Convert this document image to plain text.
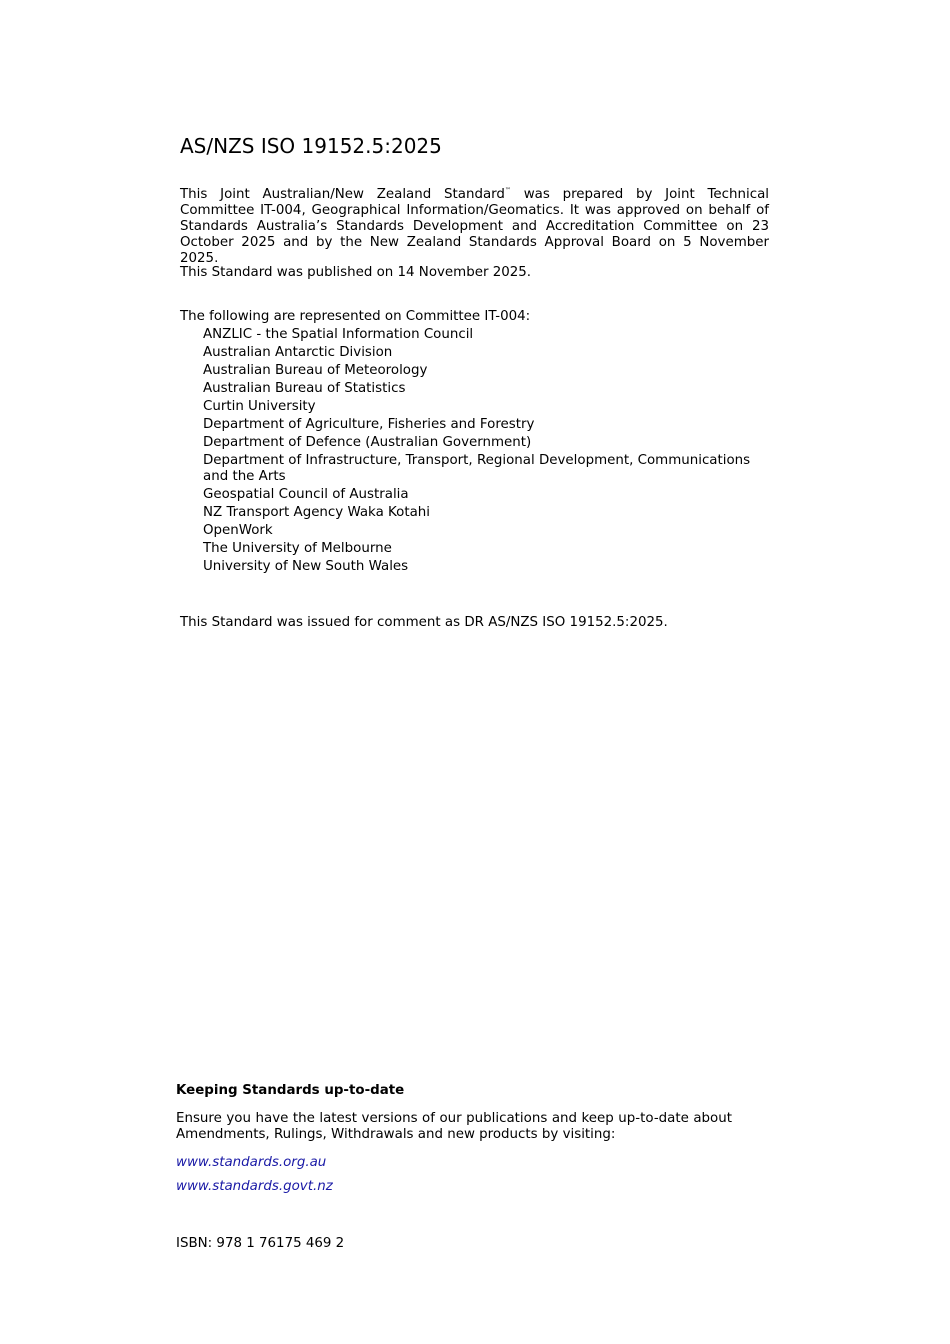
AS/NZS ISO 19152.5:2025

This Joint Australian/New Zealand Standard™ was prepared by Joint Technical Committee IT-004, Geographical Information/Geomatics. It was approved on behalf of Standards Australia’s Standards Development and Accreditation Committee on 23 October 2025 and by the New Zealand Standards Approval Board on 5 November 2025.

This Standard was published on 14 November 2025.

The following are represented on Committee IT-004:

ANZLIC - the Spatial Information Council
Australian Antarctic Division
Australian Bureau of Meteorology
Australian Bureau of Statistics
Curtin University
Department of Agriculture, Fisheries and Forestry
Department of Defence (Australian Government)
Department of Infrastructure, Transport, Regional Development, Communications and the Arts
Geospatial Council of Australia
NZ Transport Agency Waka Kotahi
OpenWork
The University of Melbourne
University of New South Wales

This Standard was issued for comment as DR AS/NZS ISO 19152.5:2025.

Keeping Standards up-to-date

Ensure you have the latest versions of our publications and keep up-to-date about Amendments, Rulings, Withdrawals and new products by visiting:

www.standards.org.au
www.standards.govt.nz

ISBN: 978 1 76175 469 2
